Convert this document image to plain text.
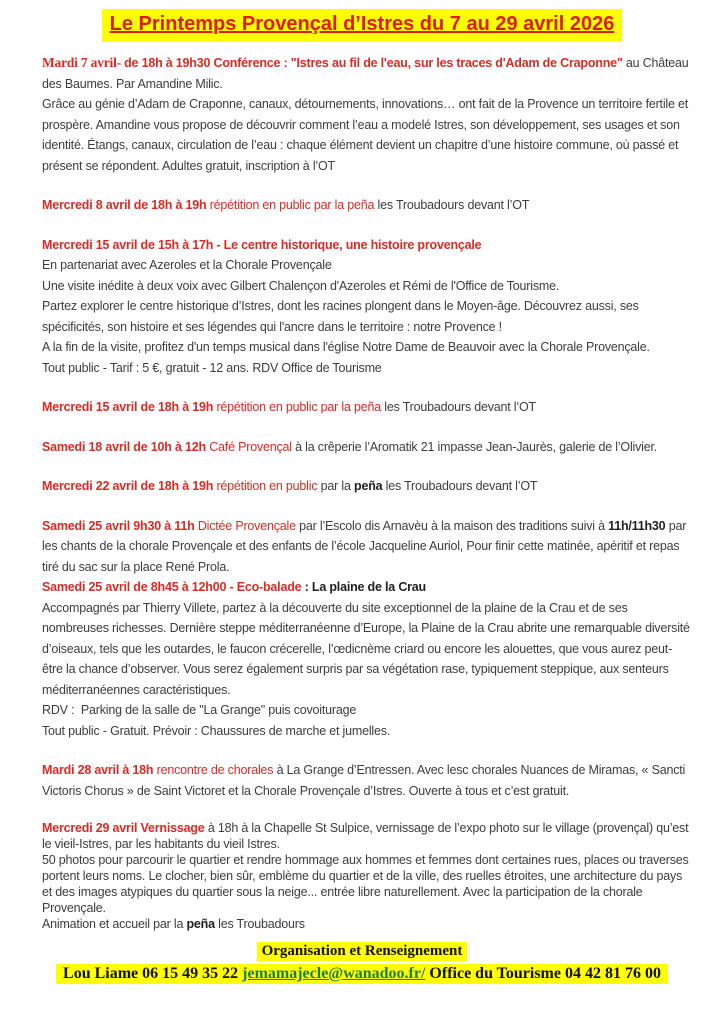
Le Printemps Provençal d’Istres du 7 au 29 avril 2026

Mardi 7 avril- de 18h à 19h30 Conférence : "Istres au fil de l'eau, sur les traces d'Adam de Craponne" au Château des Baumes. Par Amandine Milic.
Grâce au génie d’Adam de Craponne, canaux, détournements, innovations… ont fait de la Provence un territoire fertile et prospère. Amandine vous propose de découvrir comment l’eau a modelé Istres, son développement, ses usages et son identité. Étangs, canaux, circulation de l’eau : chaque élément devient un chapitre d’une histoire commune, où passé et présent se répondent. Adultes gratuit, inscription à l’OT

Mercredi 8 avril de 18h à 19h répétition en public par la peña les Troubadours devant l’OT

Mercredi 15 avril de 15h à 17h - Le centre historique, une histoire provençale
En partenariat avec Azeroles et la Chorale Provençale
Une visite inédite à deux voix avec Gilbert Chalençon d'Azeroles et Rémi de l'Office de Tourisme.
Partez explorer le centre historique d’Istres, dont les racines plongent dans le Moyen-âge. Découvrez aussi, ses spécificités, son histoire et ses légendes qui l'ancre dans le territoire : notre Provence !
A la fin de la visite, profitez d'un temps musical dans l'église Notre Dame de Beauvoir avec la Chorale Provençale.
Tout public - Tarif : 5 €, gratuit - 12 ans. RDV Office de Tourisme

Mercredi 15 avril de 18h à 19h répétition en public par la peña les Troubadours devant l’OT

Samedi 18 avril de 10h à 12h Café Provençal à la crêperie l’Aromatik 21 impasse Jean-Jaurès, galerie de l’Olivier.

Mercredi 22 avril de 18h à 19h répétition en public par la peña les Troubadours devant l’OT

Samedi 25 avril 9h30 à 11h Dictée Provençale par l’Escolo dis Arnavèu à la maison des traditions suivi à 11h/11h30 par les chants de la chorale Provençale et des enfants de l’école Jacqueline Auriol, Pour finir cette matinée, apéritif et repas tiré du sac sur la place René Prola.
Samedi 25 avril de 8h45 à 12h00 - Eco-balade : La plaine de la Crau
Accompagnés par Thierry Villete, partez à la découverte du site exceptionnel de la plaine de la Crau et de ses nombreuses richesses. Dernière steppe méditerranéenne d’Europe, la Plaine de la Crau abrite une remarquable diversité d’oiseaux, tels que les outardes, le faucon crécerelle, l’œdicnème criard ou encore les alouettes, que vous aurez peut-être la chance d’observer. Vous serez également surpris par sa végétation rase, typiquement steppique, aux senteurs méditerranéennes caractéristiques.
RDV :  Parking de la salle de "La Grange" puis covoiturage
Tout public - Gratuit. Prévoir : Chaussures de marche et jumelles.

Mardi 28 avril à 18h rencontre de chorales à La Grange d’Entressen. Avec lesc chorales Nuances de Miramas, « Sancti Victoris Chorus » de Saint Victoret et la Chorale Provençale d’Istres. Ouverte à tous et c’est gratuit.

Mercredi 29 avril Vernissage à 18h à la Chapelle St Sulpice, vernissage de l’expo photo sur le village (provençal) qu’est le vieil-Istres, par les habitants du vieil Istres.
50 photos pour parcourir le quartier et rendre hommage aux hommes et femmes dont certaines rues, places ou traverses portent leurs noms. Le clocher, bien sûr, emblème du quartier et de la ville, des ruelles étroites, une architecture du pays et des images atypiques du quartier sous la neige... entrée libre naturellement. Avec la participation de la chorale Provençale.
Animation et accueil par la peña les Troubadours

Organisation et Renseignement
Lou Liame 06 15 49 35 22 jemamajecle@wanadoo.fr/ Office du Tourisme 04 42 81 76 00
